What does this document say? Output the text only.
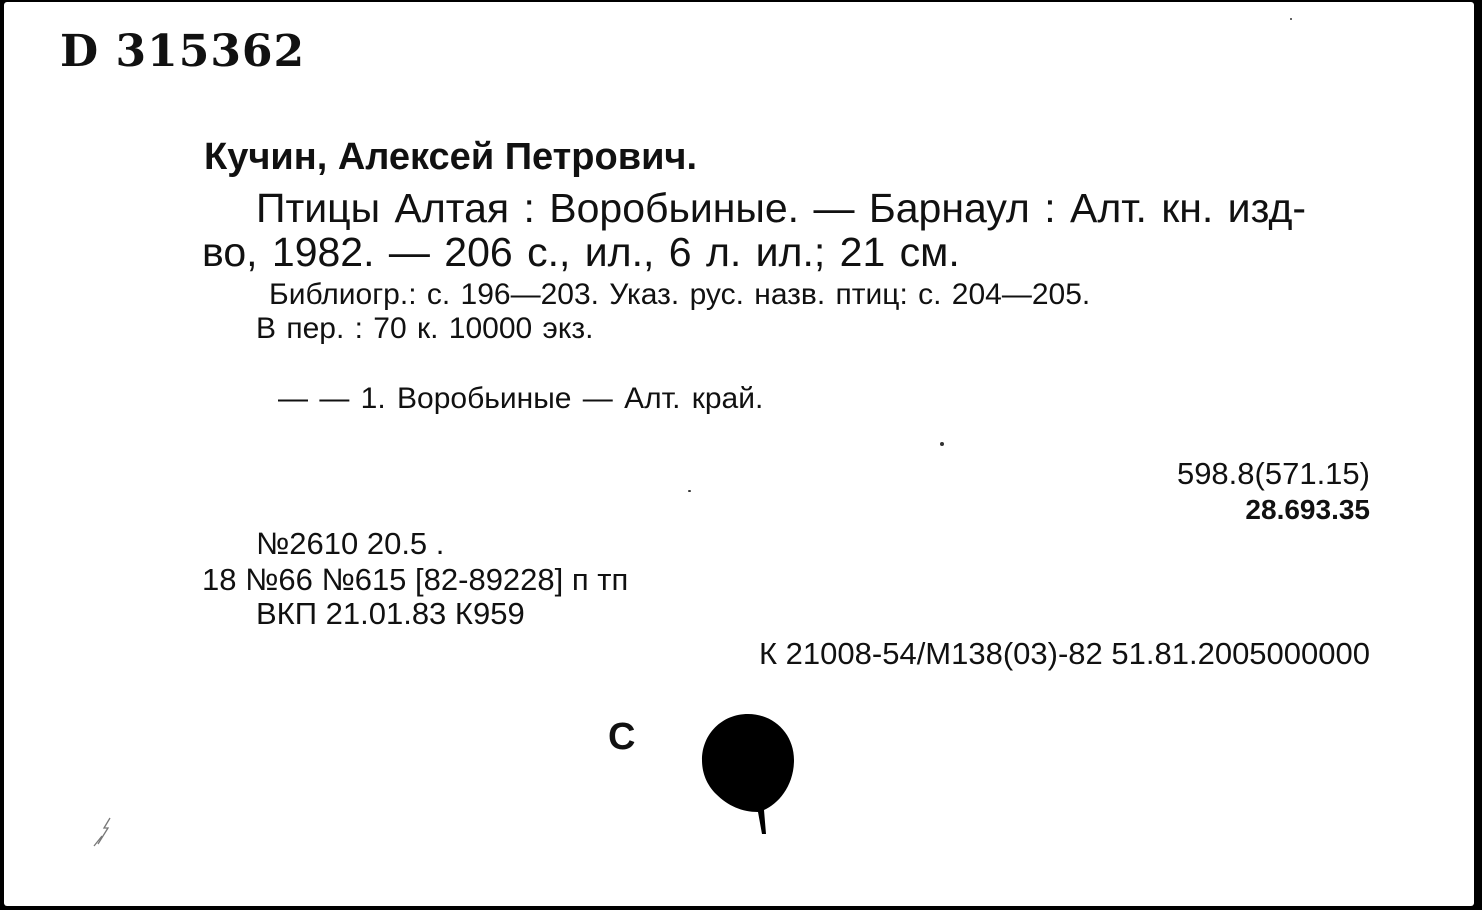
D 315362
Кучин, Алексей Петрович.
Птицы Алтая : Воробьиные. — Барнаул : Алт. кн. изд-
во, 1982. — 206 с., ил., 6 л. ил.; 21 см.
Библиогр.: с. 196—203. Указ. рус. назв. птиц: с. 204—205.
В пер. : 70 к. 10000 экз.
— — 1. Воробьиные — Алт. край.
598.8(571.15)
28.693.35
№2610 20.5 .
18 №66 №615 [82-89228] п тп
ВКП 21.01.83 К959
К 21008-54/М138(03)-82 51.81.2005000000
С
